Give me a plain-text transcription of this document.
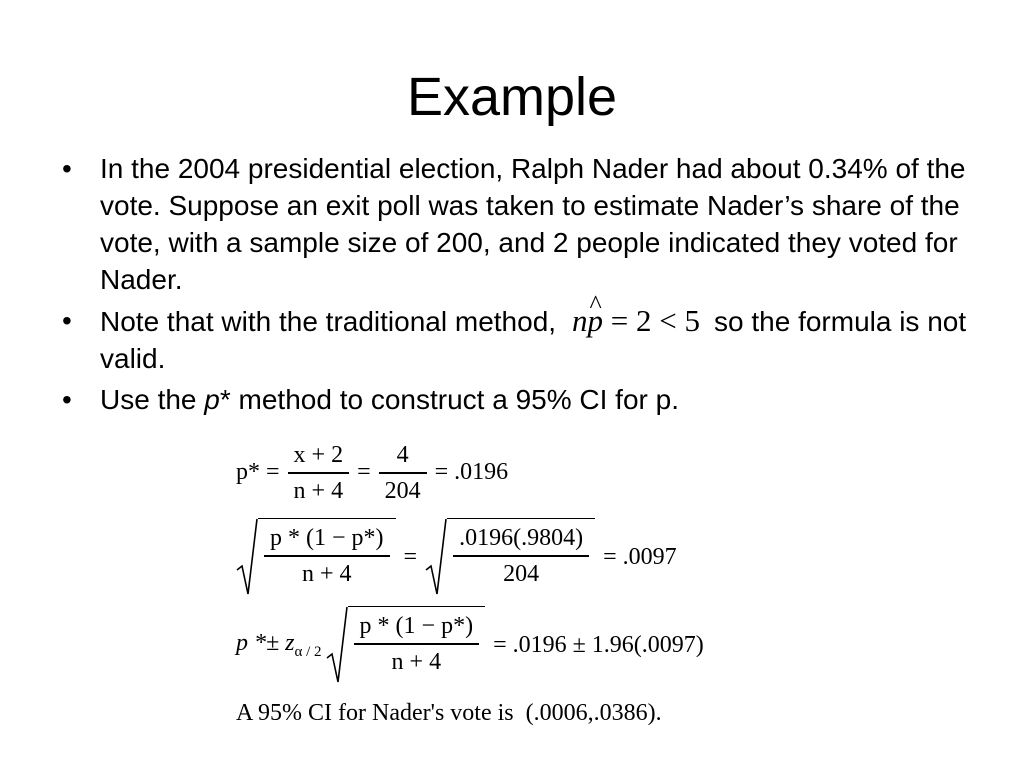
Example
• In the 2004 presidential election, Ralph Nader had about 0.34% of the vote. Suppose an exit poll was taken to estimate Nader’s share of the vote, with a sample size of 200, and 2 people indicated they voted for Nader.
• Note that with the traditional method, n^ p = 2 < 5 so the formula is not valid.
• Use the p* method to construct a 95% CI for p.
$p* = \frac{x + 2}{n + 4} = \frac{4}{204} = .0196$
$\frac{p * (1 - p*)}{n + 4} = \frac{.0196(.9804)}{204} = .0097$
$p *\pm z_{\alpha / 2} \frac{p * (1 - p*)}{n + 4} = .0196 \pm 1.96(.0097)$
A 95% CI for Nader's vote is  (.0006,.0386).
